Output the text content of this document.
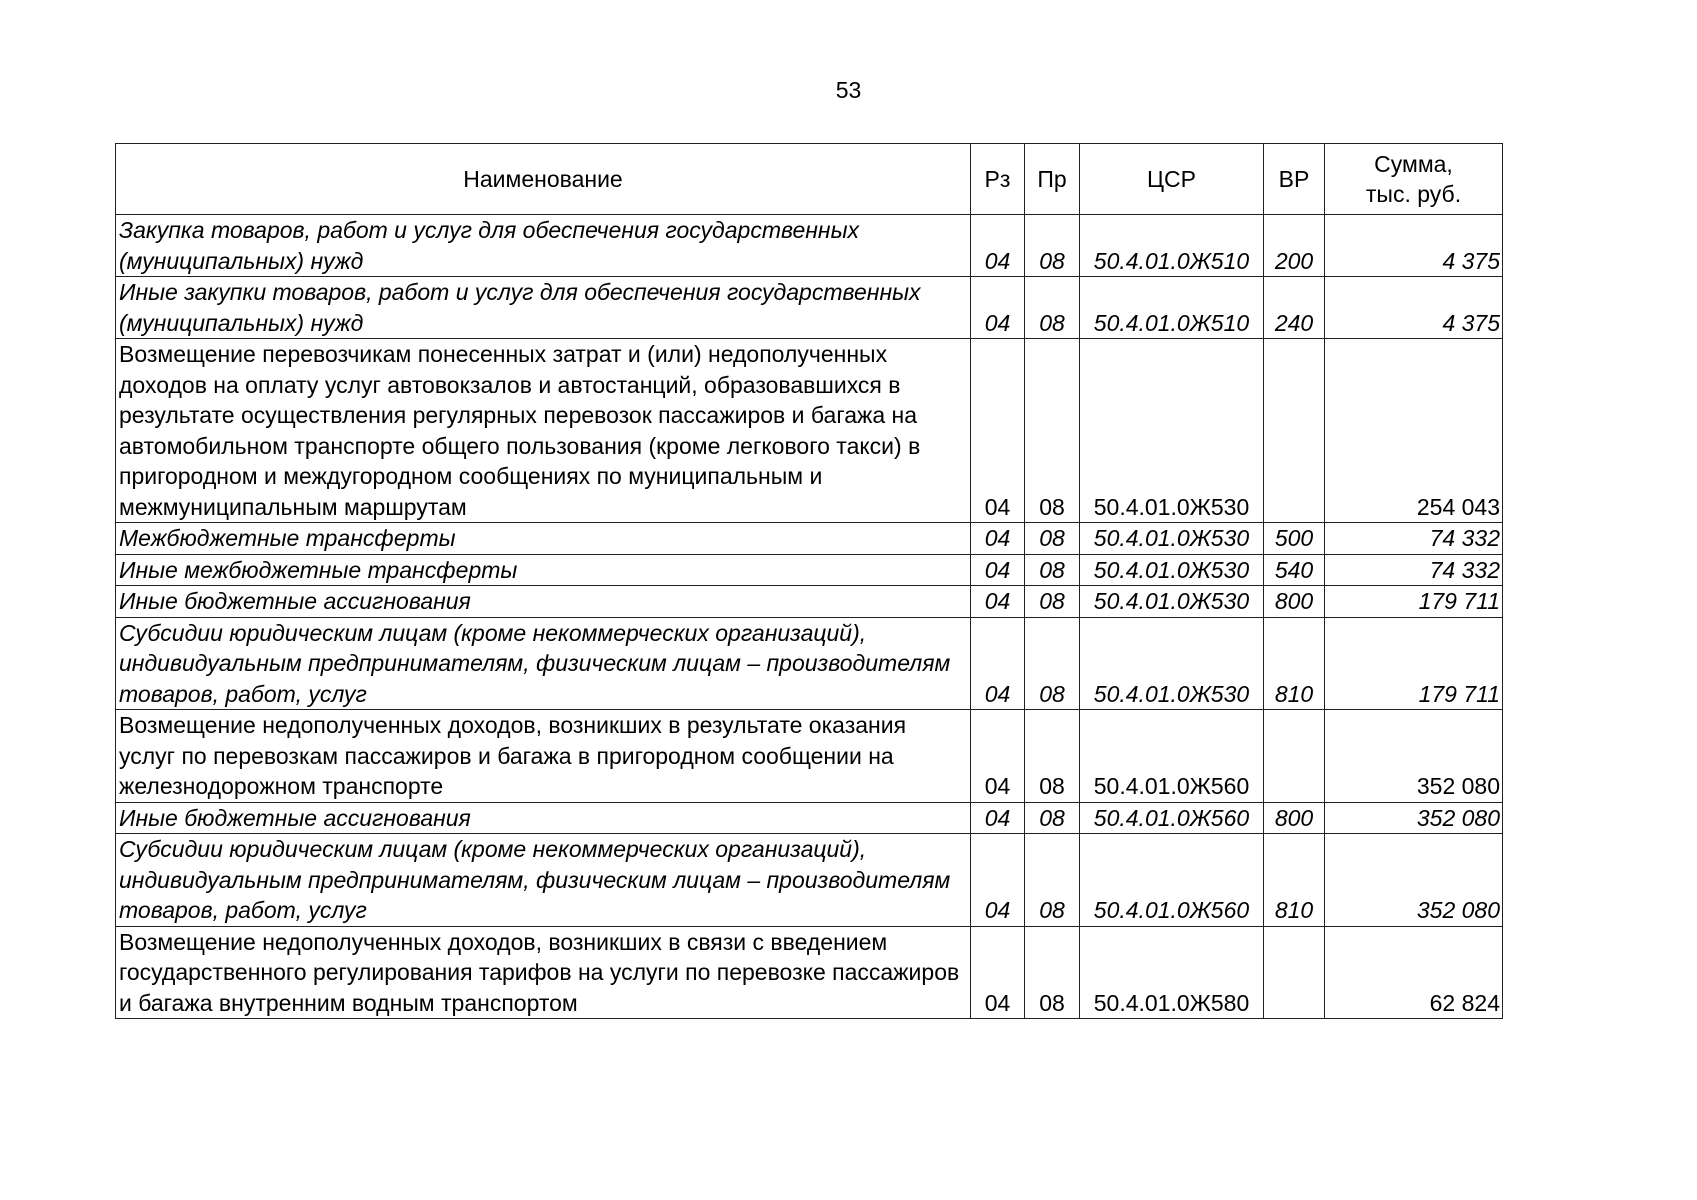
53
Наименование	Рз	Пр	ЦСР	ВР	Сумма,
тыс. руб.

Закупка товаров, работ и услуг для обеспечения государственных (муниципальных) нужд	04	08	50.4.01.0Ж510	200	4 375
Иные закупки товаров, работ и услуг для обеспечения государственных (муниципальных) нужд	04	08	50.4.01.0Ж510	240	4 375
Возмещение перевозчикам понесенных затрат и (или) недополученных доходов на оплату услуг автовокзалов и автостанций, образовавшихся в результате осуществления регулярных перевозок пассажиров и багажа на автомобильном транспорте общего пользования (кроме легкового такси) в пригородном и междугородном сообщениях по муниципальным и межмуниципальным маршрутам	04	08	50.4.01.0Ж530		254 043
Межбюджетные трансферты	04	08	50.4.01.0Ж530	500	74 332
Иные межбюджетные трансферты	04	08	50.4.01.0Ж530	540	74 332
Иные бюджетные ассигнования	04	08	50.4.01.0Ж530	800	179 711
Субсидии юридическим лицам (кроме некоммерческих организаций), индивидуальным предпринимателям, физическим лицам – производителям товаров, работ, услуг	04	08	50.4.01.0Ж530	810	179 711
Возмещение недополученных доходов, возникших в результате оказания услуг по перевозкам пассажиров и багажа в пригородном сообщении на железнодорожном транспорте	04	08	50.4.01.0Ж560		352 080
Иные бюджетные ассигнования	04	08	50.4.01.0Ж560	800	352 080
Субсидии юридическим лицам (кроме некоммерческих организаций), индивидуальным предпринимателям, физическим лицам – производителям товаров, работ, услуг	04	08	50.4.01.0Ж560	810	352 080
Возмещение недополученных доходов, возникших в связи с введением государственного регулирования тарифов на услуги по перевозке пассажиров и багажа внутренним водным транспортом	04	08	50.4.01.0Ж580		62 824
